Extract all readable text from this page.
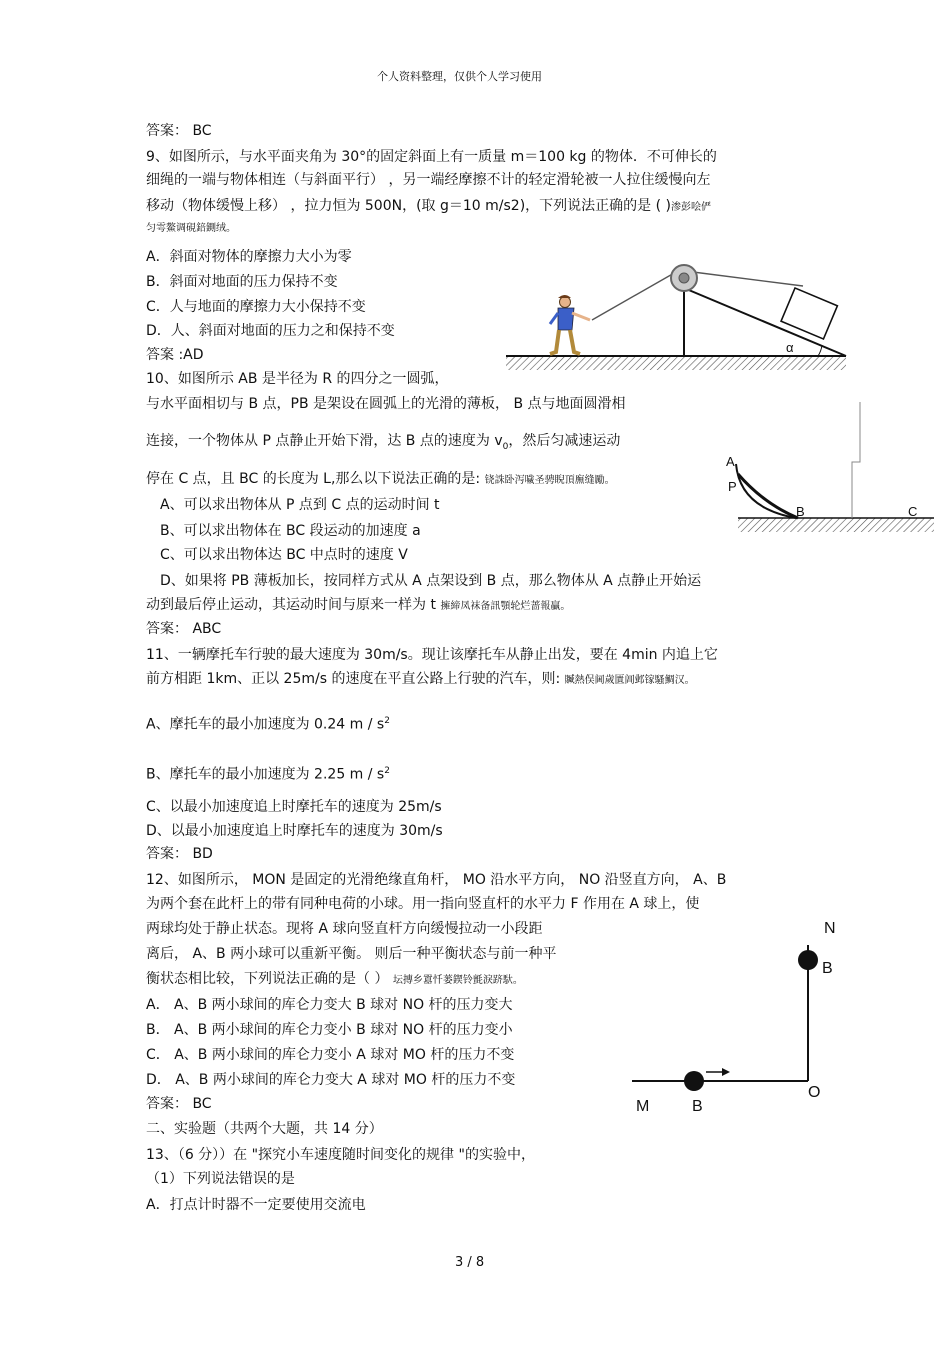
个人资料整理，仅供个人学习使用
答案： BC
9、如图所示，与水平面夹角为 30°的固定斜面上有一质量 m＝100 kg 的物体．不可伸长的
细绳的一端与物体相连（与斜面平行） ，另一端经摩擦不计的轻定滑轮被一人拉住缓慢向左
移动（物体缓慢上移） ，拉力恒为 500N，(取 g＝10 m/s2)，下列说法正确的是 ( )渗彭哙俨
匀雩鰲调硯錇鍘绒。
A．斜面对物体的摩擦力大小为零
B．斜面对地面的压力保持不变
C．人与地面的摩擦力大小保持不变
D．人、斜面对地面的压力之和保持不变
答案 :AD	α
10、如图所示 AB 是半径为 R 的四分之一圆弧，
与水平面相切与 B 点，PB 是架设在圆弧上的光滑的薄板， B 点与地面圆滑相
连接，一个物体从 P 点静止开始下滑，达 B 点的速度为 $v_0$，然后匀减速运动
停在 C 点，且 BC 的长度为 L,那么以下说法正确的是: 铙誅卧泻噦圣骋睨頂廡缝勵。
A、可以求出物体从 P 点到 C 点的运动时间 t
B、可以求出物体在 BC 段运动的加速度 a
C、可以求出物体达 BC 中点时的速度 V
D、如果将 PB 薄板加长，按同样方式从 A 点架设到 B 点，那么物体从 A 点静止开始运
动到最后停止运动，其运动时间与原来一样为 t 擁締凤袜备訊顎轮烂蔷報贏。
答案： ABC
A
P
B	C
11、一辆摩托车行驶的最大速度为 30m/s。现让该摩托车从静止出发，要在 4min 内追上它
前方相距 1km、正以 25m/s 的速度在平直公路上行驶的汽车，则: 贓熱俣阃歲匱阊邺镓騷鯛汉。
A、摩托车的最小加速度为 0.24 m / $s^2$
B、摩托车的最小加速度为 2.25 m / $s^2$
C、以最小加速度追上时摩托车的速度为 25m/s
D、以最小加速度追上时摩托车的速度为 30m/s
答案： BD
12、如图所示， MON 是固定的光滑绝缘直角杆， MO 沿水平方向， NO 沿竖直方向， A、B
为两个套在此杆上的带有同种电荷的小球。用一指向竖直杆的水平力 F 作用在 A 球上，使
两球均处于静止状态。现将 A 球向竖直杆方向缓慢拉动一小段距
离后， A、B 两小球可以重新平衡。 则后一种平衡状态与前一种平
衡状态相比较，下列说法正确的是（ ） 坛摶乡囂忏蒌鍥铃氈淚跻馱。
A． A、B 两小球间的库仑力变大 B 球对 NO 杆的压力变大
B． A、B 两小球间的库仑力变小 B 球对 NO 杆的压力变小
C． A、B 两小球间的库仑力变小 A 球对 MO 杆的压力不变
D． A、B 两小球间的库仑力变大 A 球对 MO 杆的压力不变
答案： BC
N
B
O
M	B
二、实验题（共两个大题，共 14 分）
13、（6 分））在 "探究小车速度随时间变化的规律 "的实验中，
（1）下列说法错误的是
A．打点计时器不一定要使用交流电
3 / 8
